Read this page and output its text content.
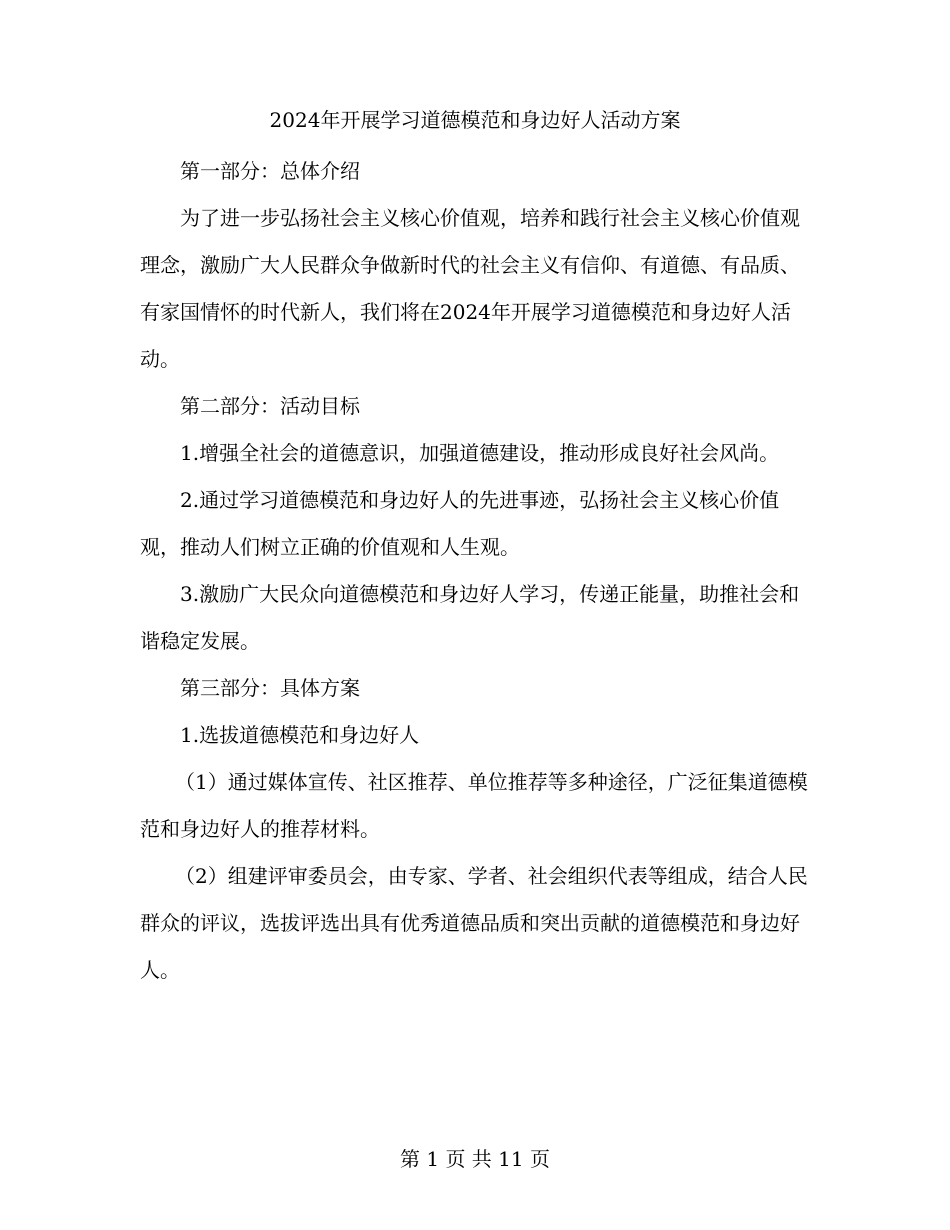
2024年开展学习道德模范和身边好人活动方案

第一部分：总体介绍

为了进一步弘扬社会主义核心价值观，培养和践行社会主义核心价值观理念，激励广大人民群众争做新时代的社会主义有信仰、有道德、有品质、有家国情怀的时代新人，我们将在2024年开展学习道德模范和身边好人活动。

第二部分：活动目标

1.增强全社会的道德意识，加强道德建设，推动形成良好社会风尚。

2.通过学习道德模范和身边好人的先进事迹，弘扬社会主义核心价值观，推动人们树立正确的价值观和人生观。

3.激励广大民众向道德模范和身边好人学习，传递正能量，助推社会和谐稳定发展。

第三部分：具体方案

1.选拔道德模范和身边好人

（1）通过媒体宣传、社区推荐、单位推荐等多种途径，广泛征集道德模范和身边好人的推荐材料。

（2）组建评审委员会，由专家、学者、社会组织代表等组成，结合人民群众的评议，选拔评选出具有优秀道德品质和突出贡献的道德模范和身边好人。

第 1 页 共 11 页
